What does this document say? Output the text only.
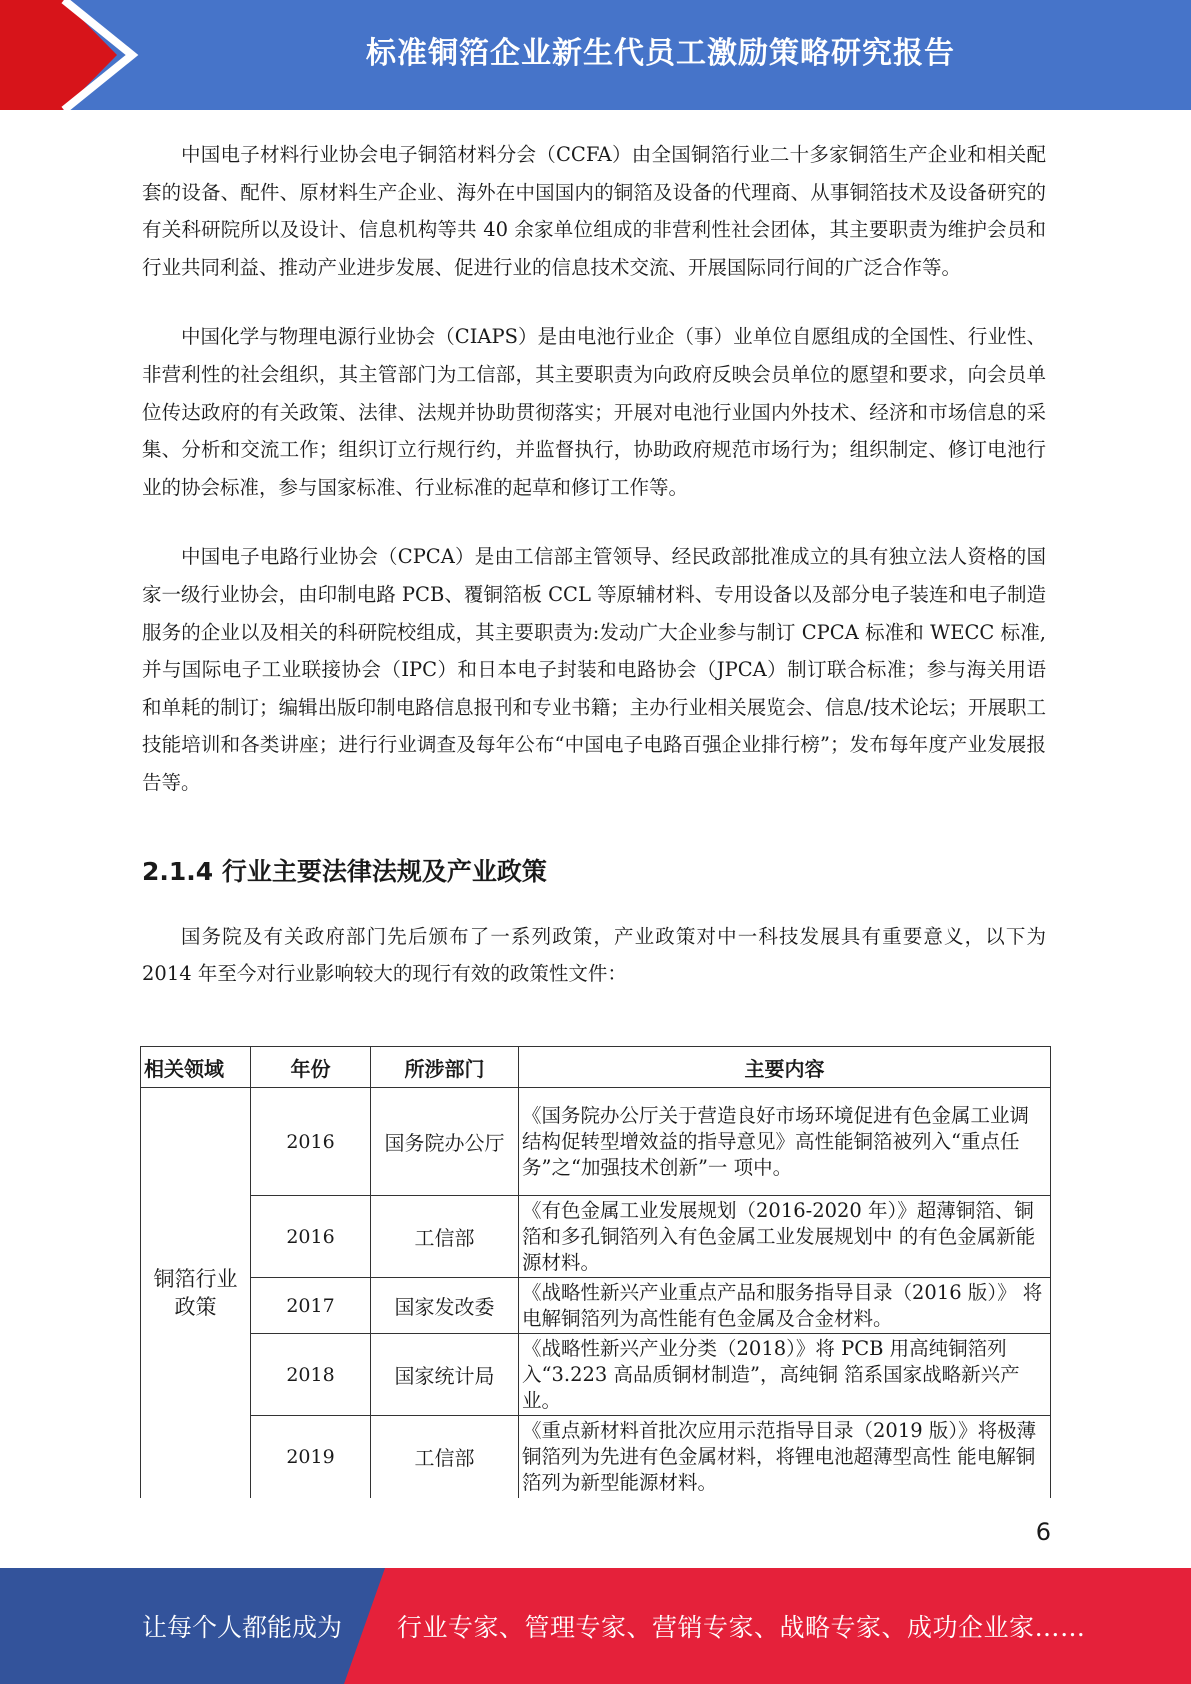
标准铜箔企业新生代员工激励策略研究报告

中国电子材料行业协会电子铜箔材料分会（CCFA）由全国铜箔行业二十多家铜箔生产企业和相关配套的设备、配件、原材料生产企业、海外在中国国内的铜箔及设备的代理商、从事铜箔技术及设备研究的有关科研院所以及设计、信息机构等共 40 余家单位组成的非营利性社会团体，其主要职责为维护会员和行业共同利益、推动产业进步发展、促进行业的信息技术交流、开展国际同行间的广泛合作等。

中国化学与物理电源行业协会（CIAPS）是由电池行业企（事）业单位自愿组成的全国性、行业性、非营利性的社会组织，其主管部门为工信部，其主要职责为向政府反映会员单位的愿望和要求，向会员单位传达政府的有关政策、法律、法规并协助贯彻落实；开展对电池行业国内外技术、经济和市场信息的采集、分析和交流工作；组织订立行规行约，并监督执行，协助政府规范市场行为；组织制定、修订电池行业的协会标准，参与国家标准、行业标准的起草和修订工作等。

中国电子电路行业协会（CPCA）是由工信部主管领导、经民政部批准成立的具有独立法人资格的国家一级行业协会，由印制电路 PCB、覆铜箔板 CCL 等原辅材料、专用设备以及部分电子装连和电子制造服务的企业以及相关的科研院校组成，其主要职责为:发动广大企业参与制订 CPCA 标准和 WECC 标准,并与国际电子工业联接协会（IPC）和日本电子封装和电路协会（JPCA）制订联合标准；参与海关用语和单耗的制订；编辑出版印制电路信息报刊和专业书籍；主办行业相关展览会、信息/技术论坛；开展职工技能培训和各类讲座；进行行业调查及每年公布“中国电子电路百强企业排行榜”；发布每年度产业发展报告等。

2.1.4 行业主要法律法规及产业政策

国务院及有关政府部门先后颁布了一系列政策，产业政策对中一科技发展具有重要意义，以下为 2014 年至今对行业影响较大的现行有效的政策性文件：

相关领域	年份	所涉部门	主要内容
铜箔行业政策	2016	国务院办公厅	《国务院办公厅关于营造良好市场环境促进有色金属工业调结构促转型增效益的指导意见》高性能铜箔被列入“重点任务”之“加强技术创新”一 项中。
	2016	工信部	《有色金属工业发展规划（2016-2020 年）》超薄铜箔、铜箔和多孔铜箔列入有色金属工业发展规划中 的有色金属新能源材料。
	2017	国家发改委	《战略性新兴产业重点产品和服务指导目录（2016 版）》 将电解铜箔列为高性能有色金属及合金材料。
	2018	国家统计局	《战略性新兴产业分类（2018）》将 PCB 用高纯铜箔列入“3.223 高品质铜材制造”，高纯铜 箔系国家战略新兴产业。
	2019	工信部	《重点新材料首批次应用示范指导目录（2019 版）》将极薄铜箔列为先进有色金属材料，将锂电池超薄型高性 能电解铜箔列为新型能源材料。
6
让每个人都能成为 行业专家、管理专家、营销专家、战略专家、成功企业家……
